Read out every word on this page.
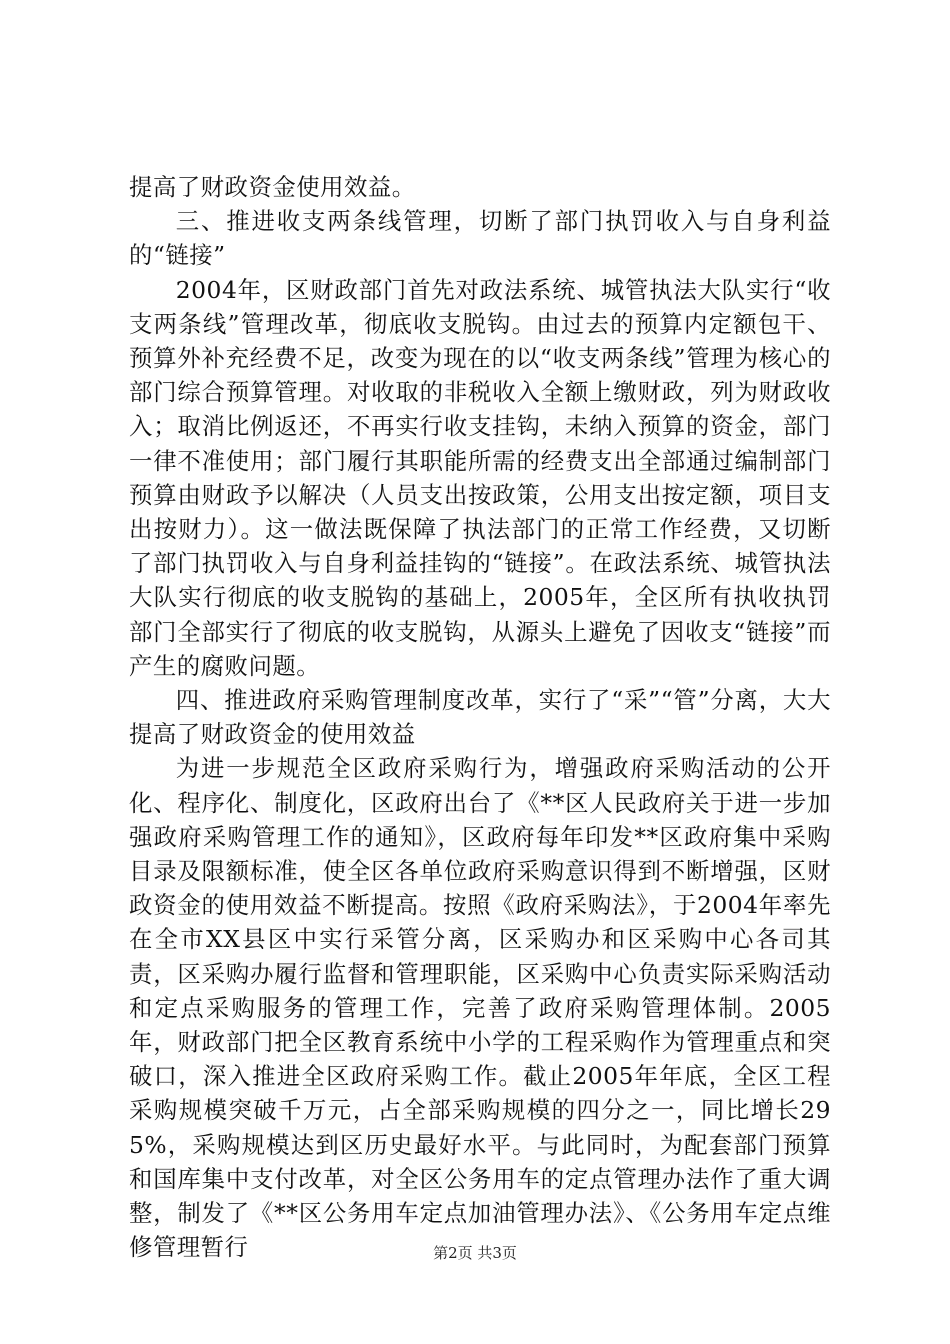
提高了财政资金使用效益。

三、推进收支两条线管理，切断了部门执罚收入与自身利益的“链接”

2004年，区财政部门首先对政法系统、城管执法大队实行“收支两条线”管理改革，彻底收支脱钩。由过去的预算内定额包干、预算外补充经费不足，改变为现在的以“收支两条线”管理为核心的部门综合预算管理。对收取的非税收入全额上缴财政，列为财政收入；取消比例返还，不再实行收支挂钩，未纳入预算的资金，部门一律不准使用；部门履行其职能所需的经费支出全部通过编制部门预算由财政予以解决（人员支出按政策，公用支出按定额，项目支出按财力）。这一做法既保障了执法部门的正常工作经费，又切断了部门执罚收入与自身利益挂钩的“链接”。在政法系统、城管执法大队实行彻底的收支脱钩的基础上，2005年，全区所有执收执罚部门全部实行了彻底的收支脱钩，从源头上避免了因收支“链接”而产生的腐败问题。

四、推进政府采购管理制度改革，实行了“采”“管”分离，大大提高了财政资金的使用效益

为进一步规范全区政府采购行为，增强政府采购活动的公开化、程序化、制度化，区政府出台了《**区人民政府关于进一步加强政府采购管理工作的通知》，区政府每年印发**区政府集中采购目录及限额标准，使全区各单位政府采购意识得到不断增强，区财政资金的使用效益不断提高。按照《政府采购法》，于2004年率先在全市XX县区中实行采管分离，区采购办和区采购中心各司其责，区采购办履行监督和管理职能，区采购中心负责实际采购活动和定点采购服务的管理工作，完善了政府采购管理体制。2005年，财政部门把全区教育系统中小学的工程采购作为管理重点和突破口，深入推进全区政府采购工作。截止2005年年底，全区工程采购规模突破千万元，占全部采购规模的四分之一，同比增长295%，采购规模达到区历史最好水平。与此同时，为配套部门预算和国库集中支付改革，对全区公务用车的定点管理办法作了重大调整，制发了《**区公务用车定点加油管理办法》、《公务用车定点维修管理暂行	第2页 共3页
